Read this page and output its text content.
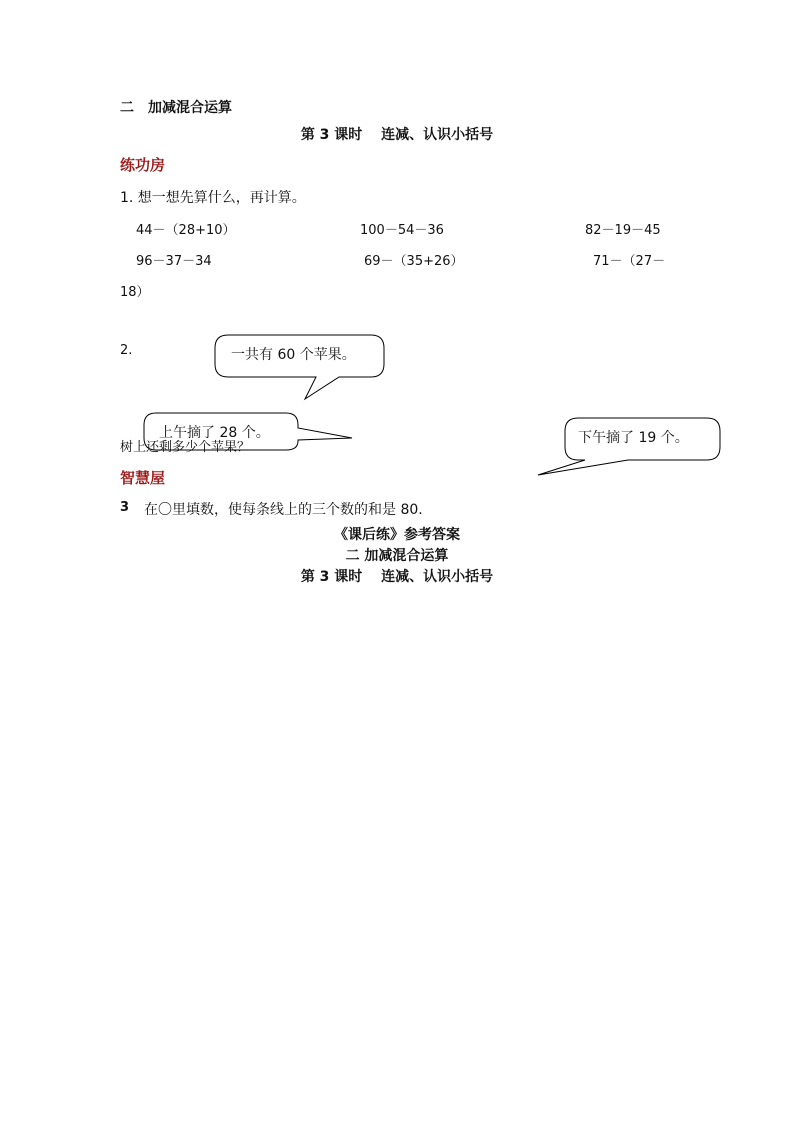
二　加减混合运算
第 3 课时　 连减、认识小括号
练功房
1. 想一想先算什么，再计算。
44－（28+10）	100－54－36	82－19－45
96－37－34	69－（35+26）	71－（27－
18）
2.	一共有 60 个苹果。
树上还剩多少个苹果？
上午摘了 28 个。	下午摘了 19 个。
智慧屋
3 在〇里填数，使每条线上的三个数的和是 80.
《课后练》参考答案
二 加减混合运算
第 3 课时　 连减、认识小括号
